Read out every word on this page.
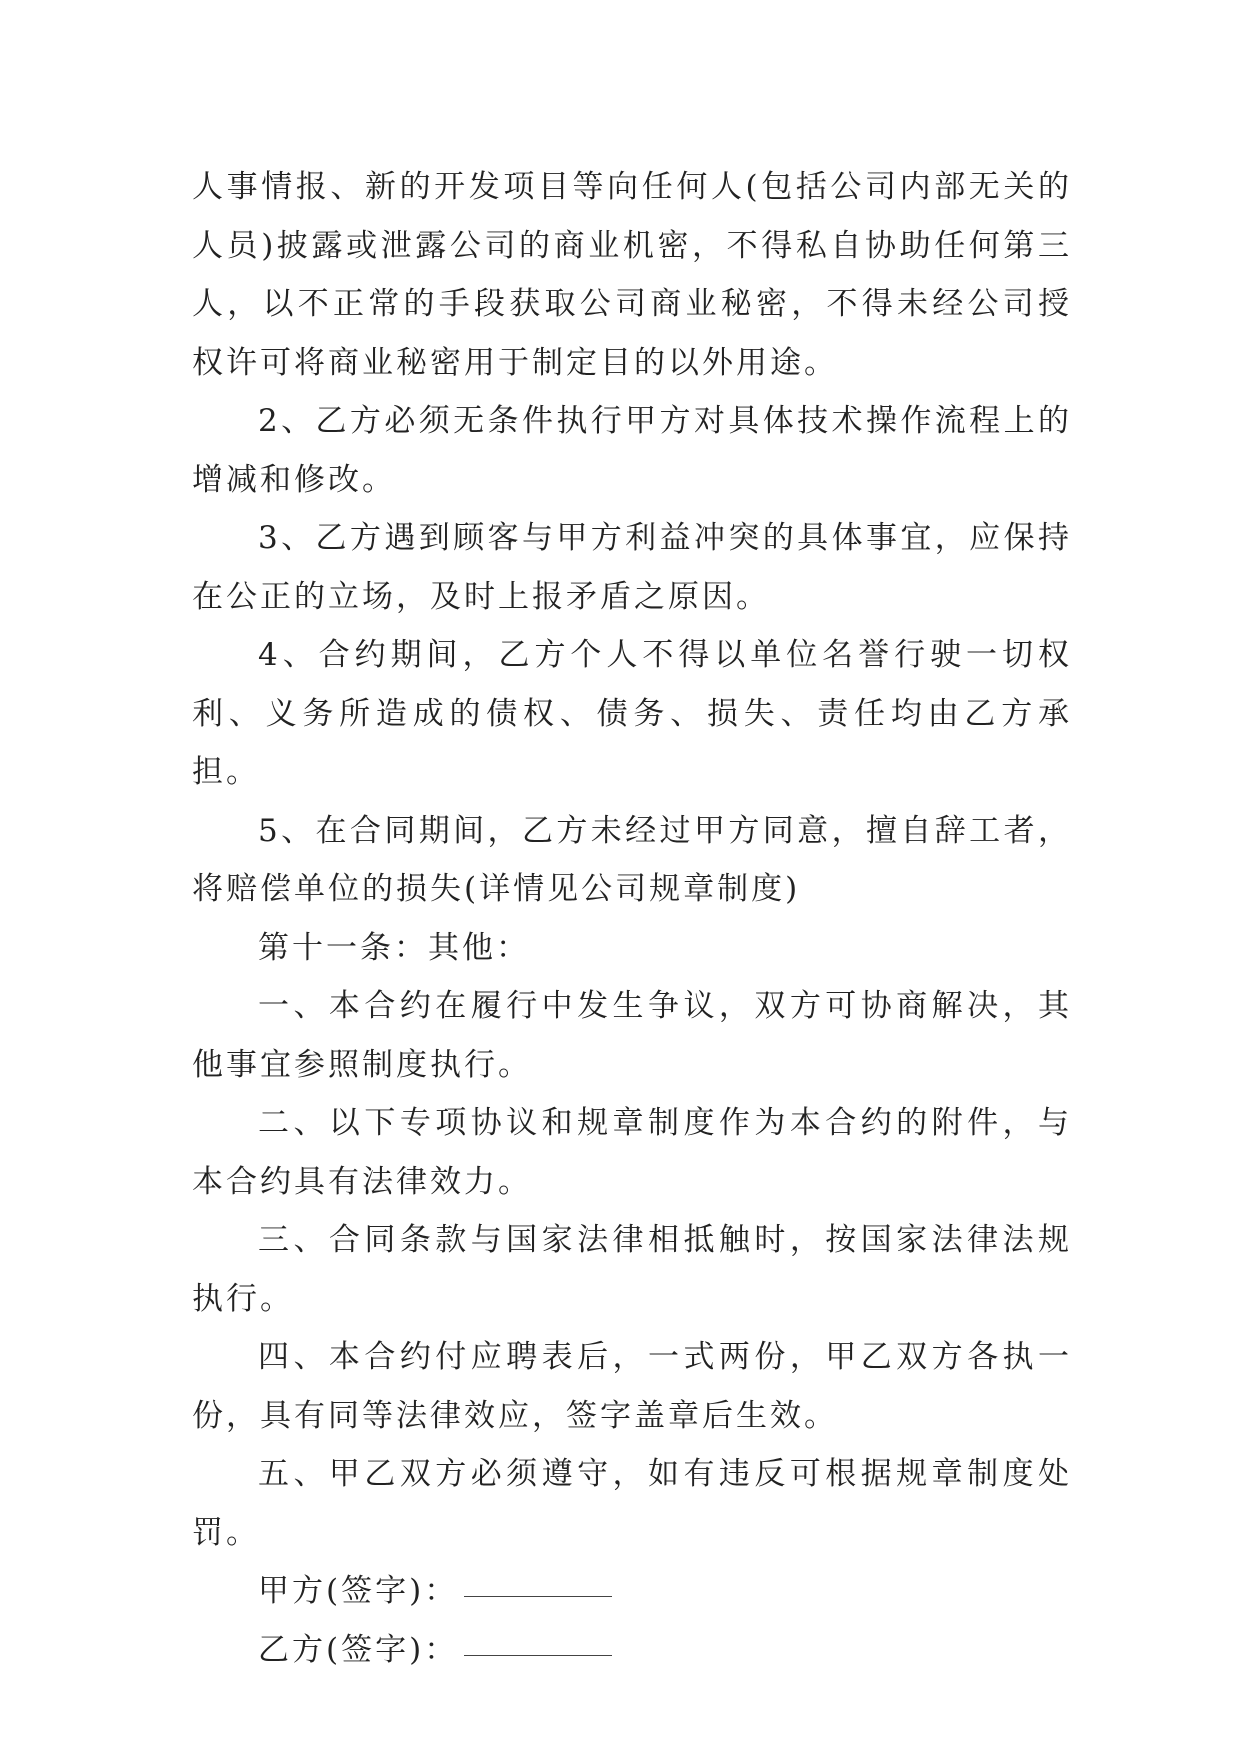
人事情报、新的开发项目等向任何人(包括公司内部无关的人员)披露或泄露公司的商业机密，不得私自协助任何第三人，以不正常的手段获取公司商业秘密，不得未经公司授权许可将商业秘密用于制定目的以外用途。

2、乙方必须无条件执行甲方对具体技术操作流程上的增减和修改。

3、乙方遇到顾客与甲方利益冲突的具体事宜，应保持在公正的立场，及时上报矛盾之原因。

4、合约期间，乙方个人不得以单位名誉行驶一切权利、义务所造成的债权、债务、损失、责任均由乙方承担。

5、在合同期间，乙方未经过甲方同意，擅自辞工者，将赔偿单位的损失(详情见公司规章制度)

第十一条：其他：

一、本合约在履行中发生争议，双方可协商解决，其他事宜参照制度执行。

二、以下专项协议和规章制度作为本合约的附件，与本合约具有法律效力。

三、合同条款与国家法律相抵触时，按国家法律法规执行。

四、本合约付应聘表后，一式两份，甲乙双方各执一份，具有同等法律效应，签字盖章后生效。

五、甲乙双方必须遵守，如有违反可根据规章制度处罚。

甲方(签字)：
乙方(签字)：
